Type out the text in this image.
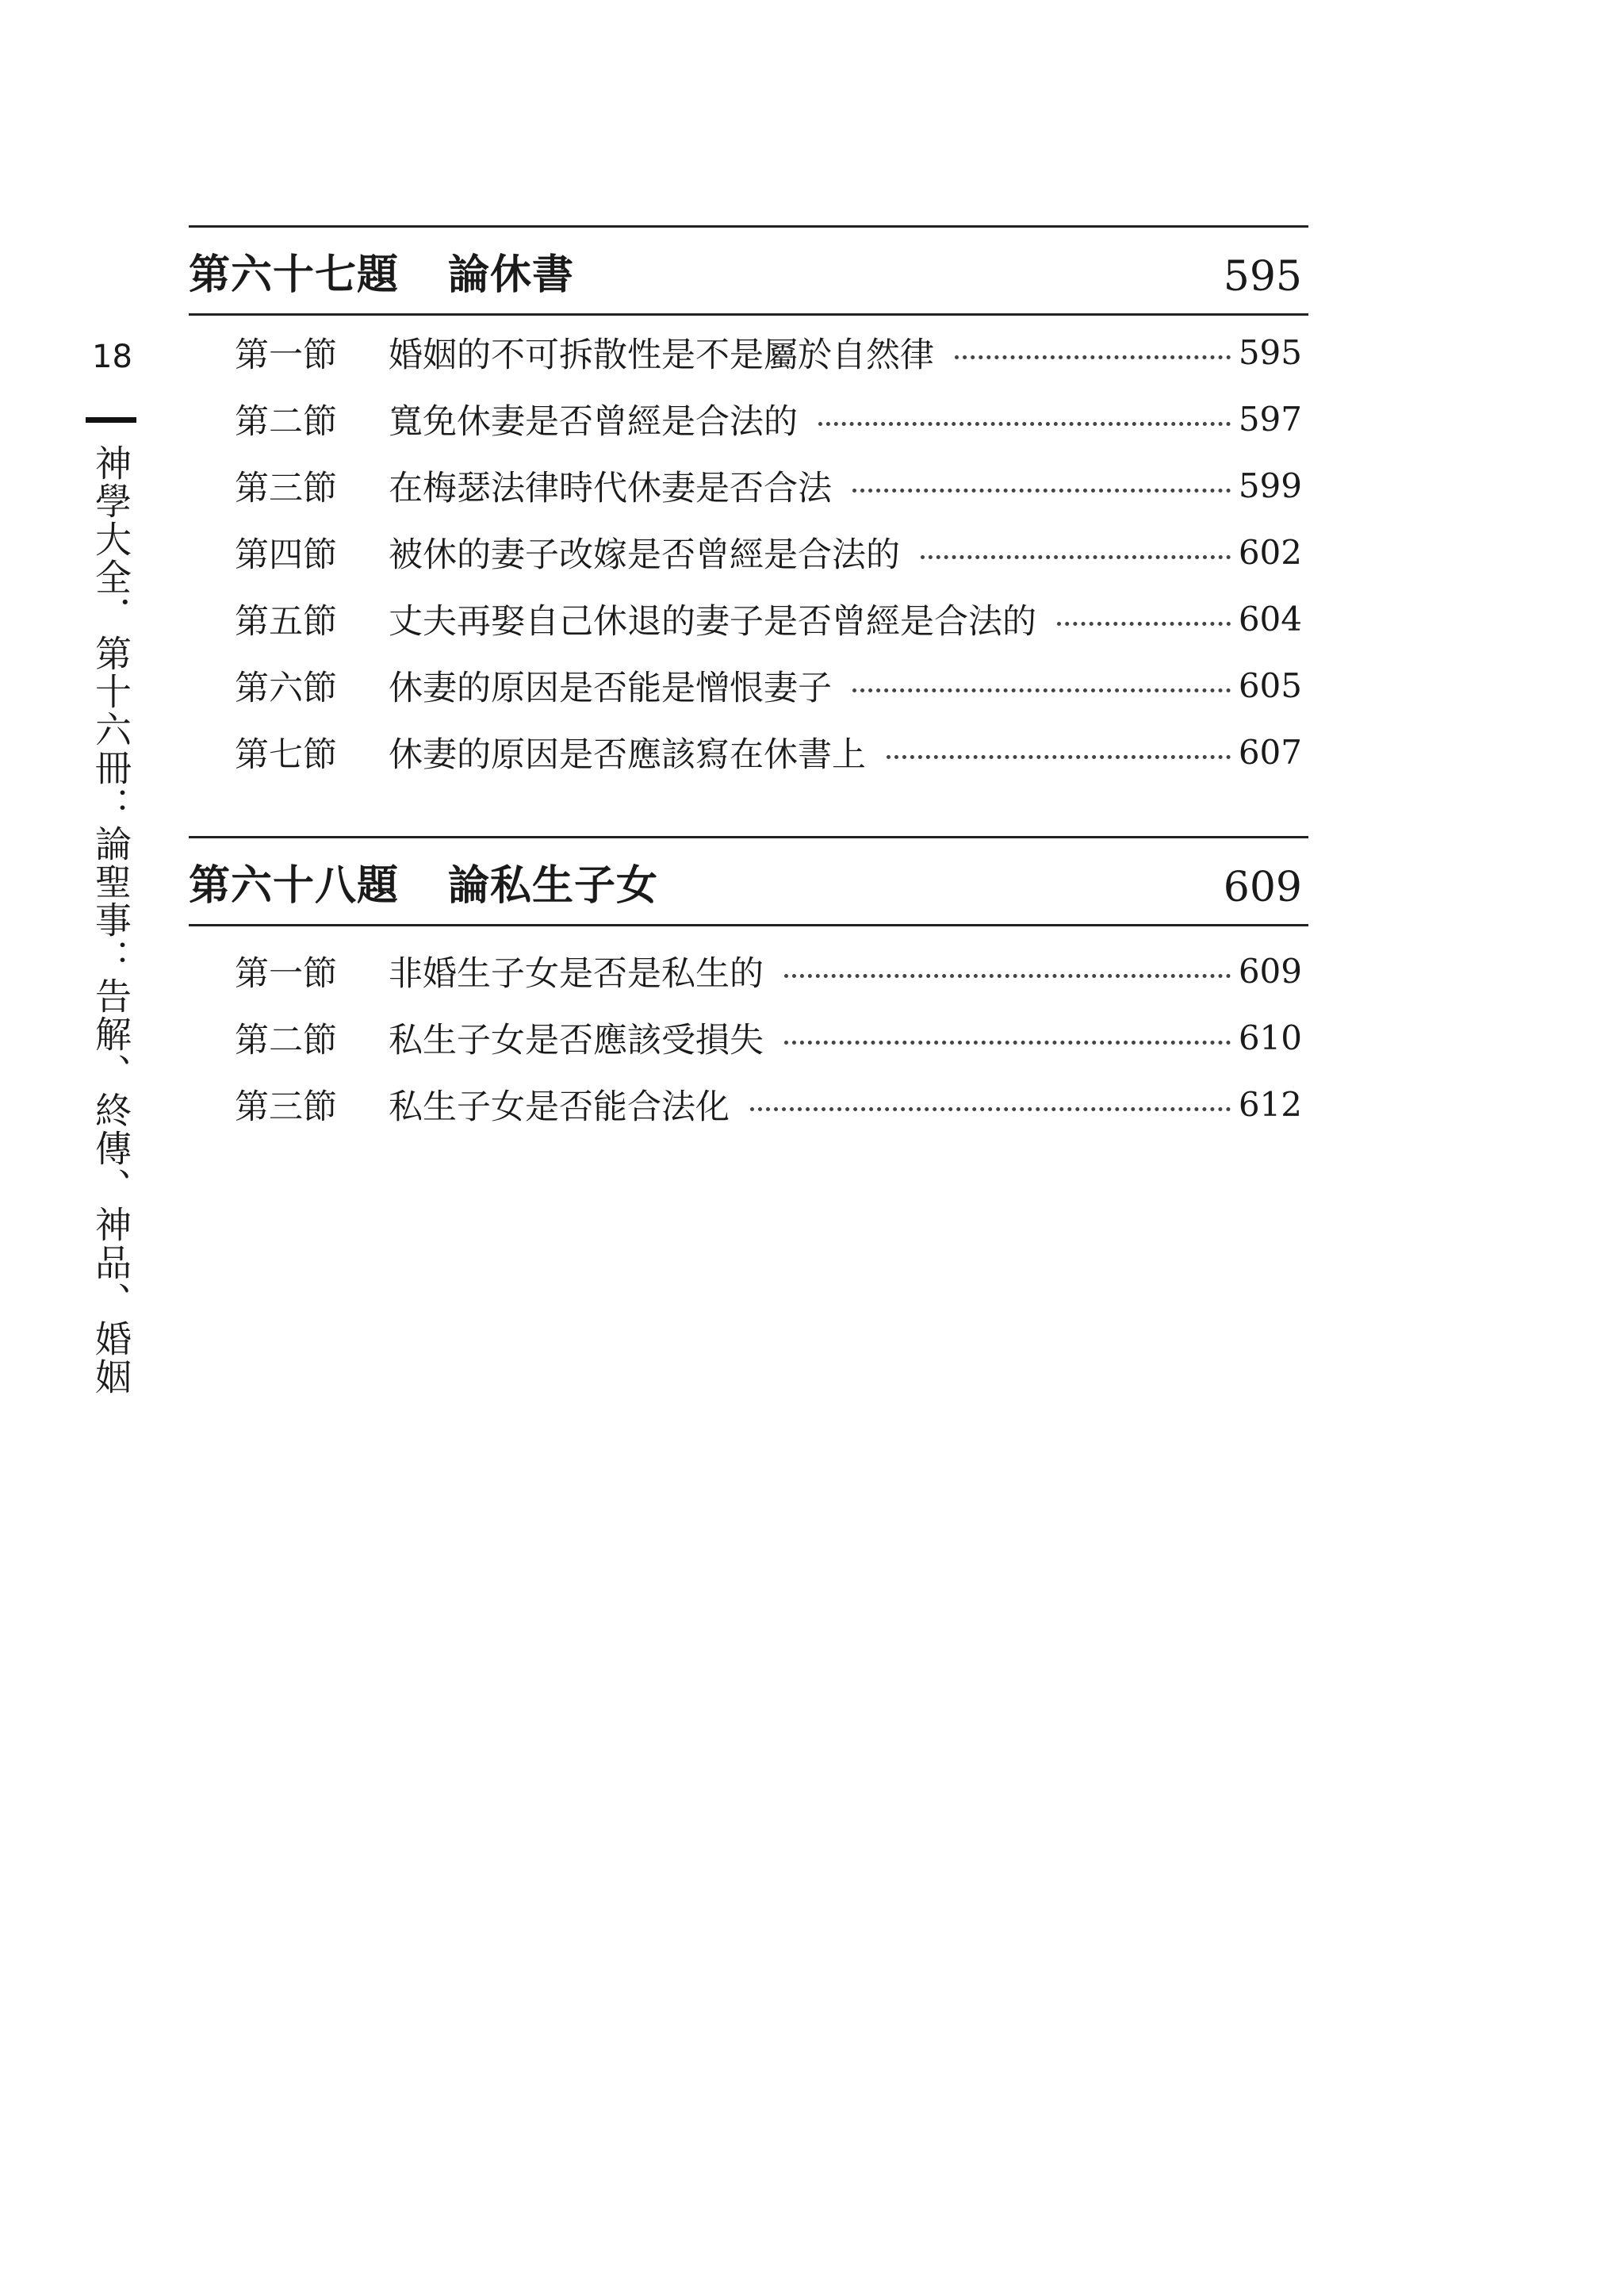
18
神學大全．第十六冊：論聖事：告解、終傳、神品、婚姻
第六十七題 論休書	595
第一節	婚姻的不可拆散性是不是屬於自然律	595
第二節	寬免休妻是否曾經是合法的	597
第三節	在梅瑟法律時代休妻是否合法	599
第四節	被休的妻子改嫁是否曾經是合法的	602
第五節	丈夫再娶自己休退的妻子是否曾經是合法的	604
第六節	休妻的原因是否能是憎恨妻子	605
第七節	休妻的原因是否應該寫在休書上	607
第六十八題 論私生子女	609
第一節	非婚生子女是否是私生的	609
第二節	私生子女是否應該受損失	610
第三節	私生子女是否能合法化	612
